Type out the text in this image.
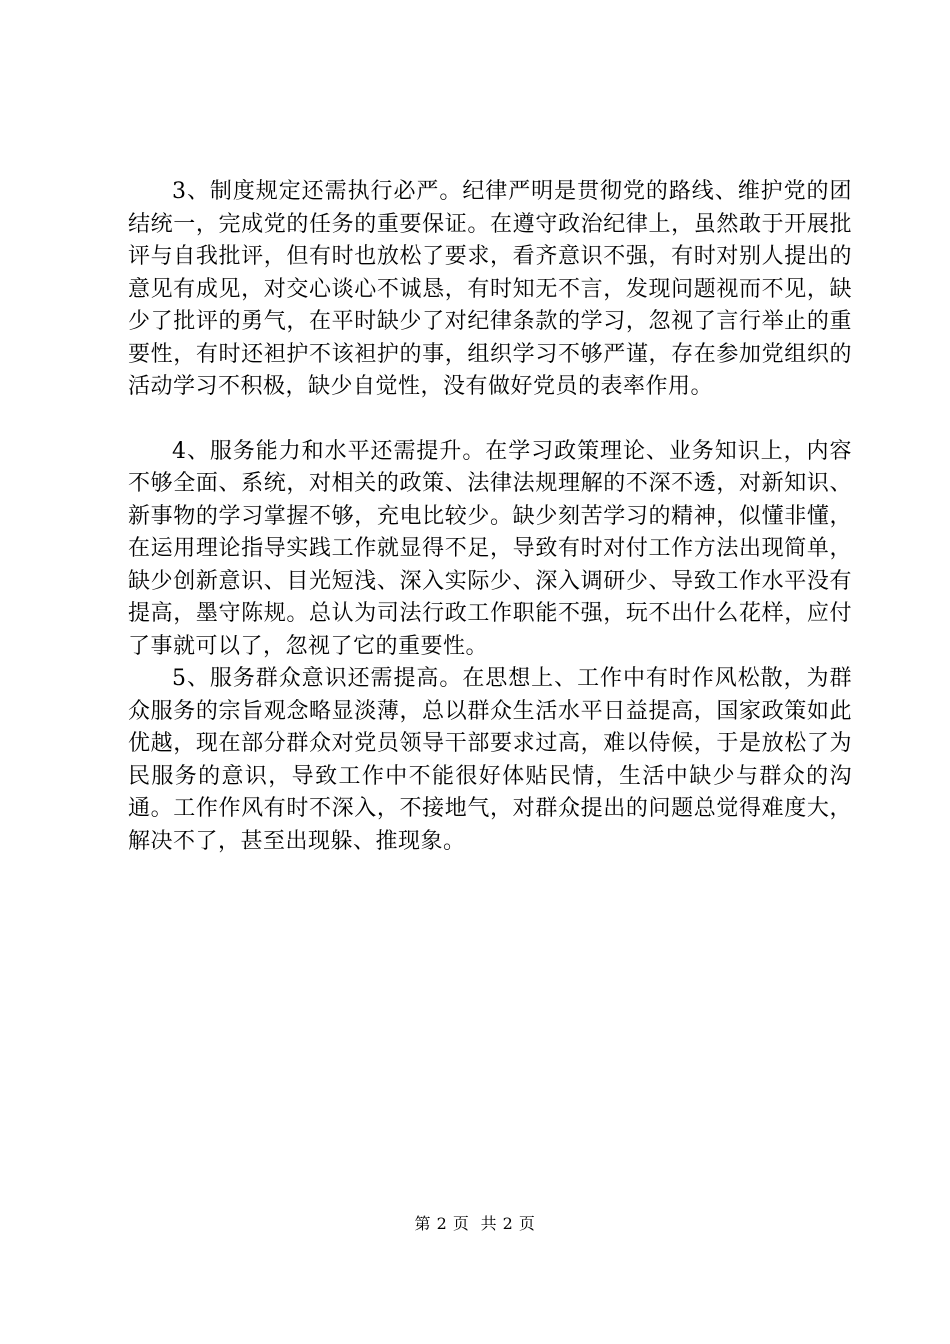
3、制度规定还需执行必严。纪律严明是贯彻党的路线、维护党的团结统一，完成党的任务的重要保证。在遵守政治纪律上，虽然敢于开展批评与自我批评，但有时也放松了要求，看齐意识不强，有时对别人提出的意见有成见，对交心谈心不诚恳，有时知无不言，发现问题视而不见，缺少了批评的勇气，在平时缺少了对纪律条款的学习，忽视了言行举止的重要性，有时还袒护不该袒护的事，组织学习不够严谨，存在参加党组织的活动学习不积极，缺少自觉性，没有做好党员的表率作用。

4、服务能力和水平还需提升。在学习政策理论、业务知识上，内容不够全面、系统，对相关的政策、法律法规理解的不深不透，对新知识、新事物的学习掌握不够，充电比较少。缺少刻苦学习的精神，似懂非懂，在运用理论指导实践工作就显得不足，导致有时对付工作方法出现简单，缺少创新意识、目光短浅、深入实际少、深入调研少、导致工作水平没有提高，墨守陈规。总认为司法行政工作职能不强，玩不出什么花样，应付了事就可以了，忽视了它的重要性。

5、服务群众意识还需提高。在思想上、工作中有时作风松散，为群众服务的宗旨观念略显淡薄，总以群众生活水平日益提高，国家政策如此优越，现在部分群众对党员领导干部要求过高，难以侍候，于是放松了为民服务的意识，导致工作中不能很好体贴民情，生活中缺少与群众的沟通。工作作风有时不深入，不接地气，对群众提出的问题总觉得难度大，解决不了，甚至出现躲、推现象。

第 2 页 共 2 页
